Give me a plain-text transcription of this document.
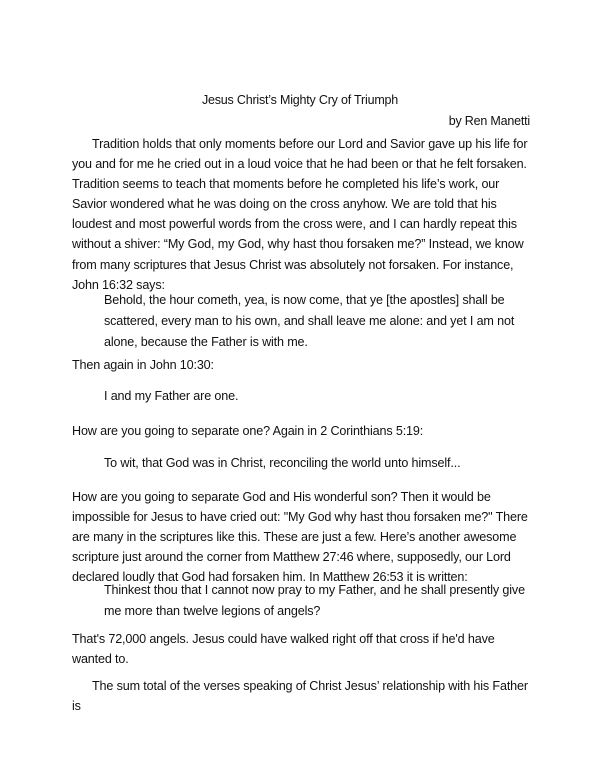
Jesus Christ’s Mighty Cry of Triumph
by Ren Manetti

Tradition holds that only moments before our Lord and Savior gave up his life for you and for me he cried out in a loud voice that he had been or that he felt forsaken. Tradition seems to teach that moments before he completed his life’s work, our Savior wondered what he was doing on the cross anyhow. We are told that his loudest and most powerful words from the cross were, and I can hardly repeat this without a shiver: “My God, my God, why hast thou forsaken me?” Instead, we know from many scriptures that Jesus Christ was absolutely not forsaken. For instance, John 16:32 says:

Behold, the hour cometh, yea, is now come, that ye [the apostles] shall be scattered, every man to his own, and shall leave me alone: and yet I am not alone, because the Father is with me.

Then again in John 10:30:

I and my Father are one.

How are you going to separate one? Again in 2 Corinthians 5:19:

To wit, that God was in Christ, reconciling the world unto himself...

How are you going to separate God and His wonderful son? Then it would be impossible for Jesus to have cried out: "My God why hast thou forsaken me?" There are many in the scriptures like this. These are just a few. Here’s another awesome scripture just around the corner from Matthew 27:46 where, supposedly, our Lord declared loudly that God had forsaken him. In Matthew 26:53 it is written:

Thinkest thou that I cannot now pray to my Father, and he shall presently give me more than twelve legions of angels?

That's 72,000 angels. Jesus could have walked right off that cross if he'd have wanted to.

The sum total of the verses speaking of Christ Jesus’ relationship with his Father is
